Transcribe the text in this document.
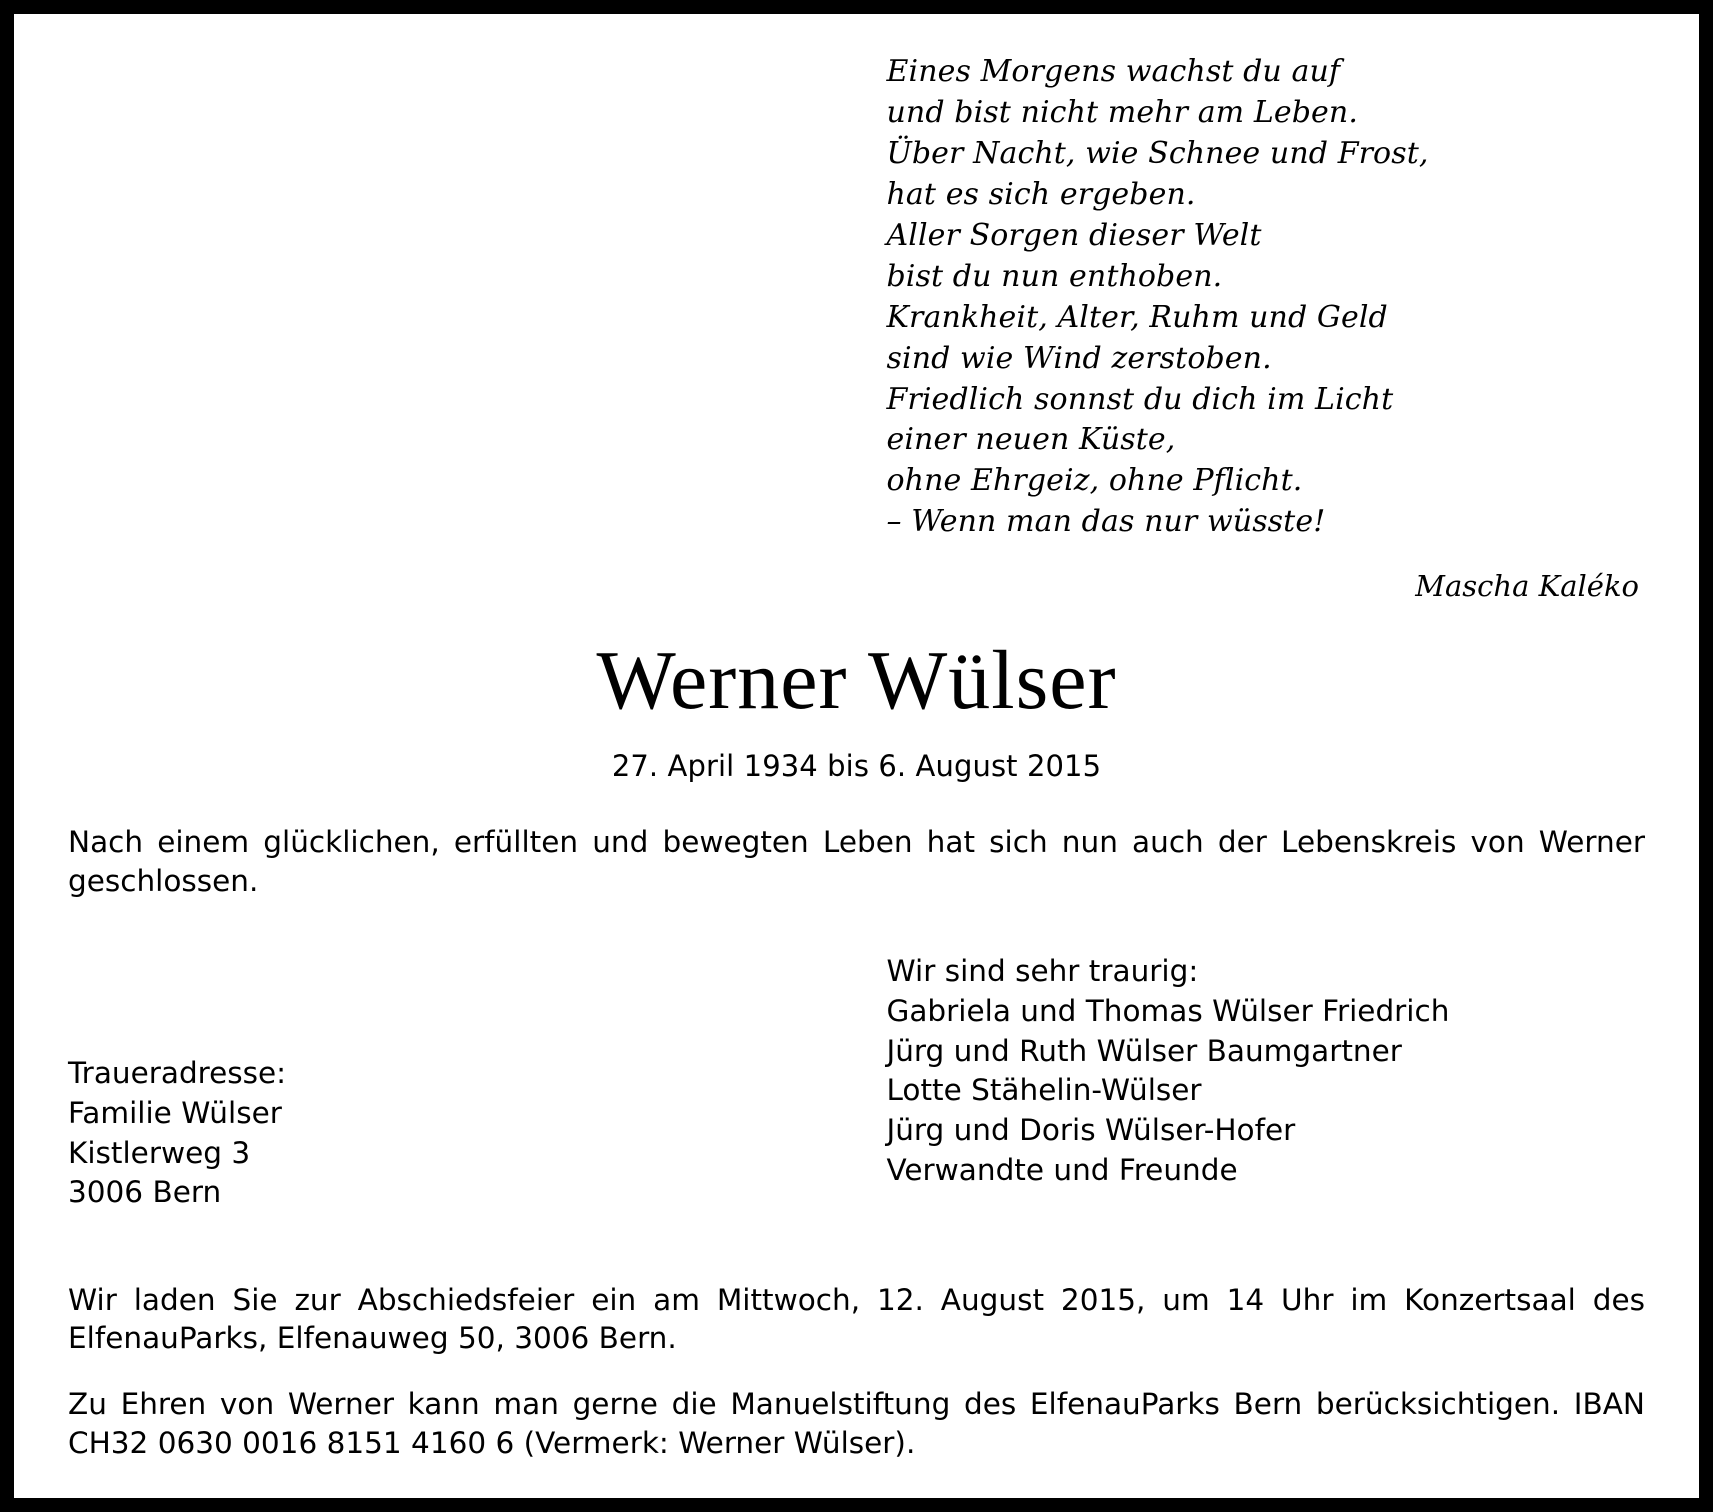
Eines Morgens wachst du auf
und bist nicht mehr am Leben.
Über Nacht, wie Schnee und Frost,
hat es sich ergeben.
Aller Sorgen dieser Welt
bist du nun enthoben.
Krankheit, Alter, Ruhm und Geld
sind wie Wind zerstoben.
Friedlich sonnst du dich im Licht
einer neuen Küste,
ohne Ehrgeiz, ohne Pflicht.
– Wenn man das nur wüsste!
Mascha Kaléko
Werner Wülser
27. April 1934 bis 6. August 2015
Nach einem glücklichen, erfüllten und bewegten Leben hat sich nun auch der Lebenskreis von Werner geschlossen.
Wir sind sehr traurig:
Gabriela und Thomas Wülser Friedrich
Jürg und Ruth Wülser Baumgartner
Lotte Stähelin-Wülser
Jürg und Doris Wülser-Hofer
Verwandte und Freunde
Traueradresse:
Familie Wülser
Kistlerweg 3
3006 Bern
Wir laden Sie zur Abschiedsfeier ein am Mittwoch, 12. August 2015, um 14 Uhr im Konzertsaal des ElfenauParks, Elfenauweg 50, 3006 Bern.
Zu Ehren von Werner kann man gerne die Manuelstiftung des ElfenauParks Bern berücksichtigen. IBAN CH32 0630 0016 8151 4160 6 (Vermerk: Werner Wülser).
